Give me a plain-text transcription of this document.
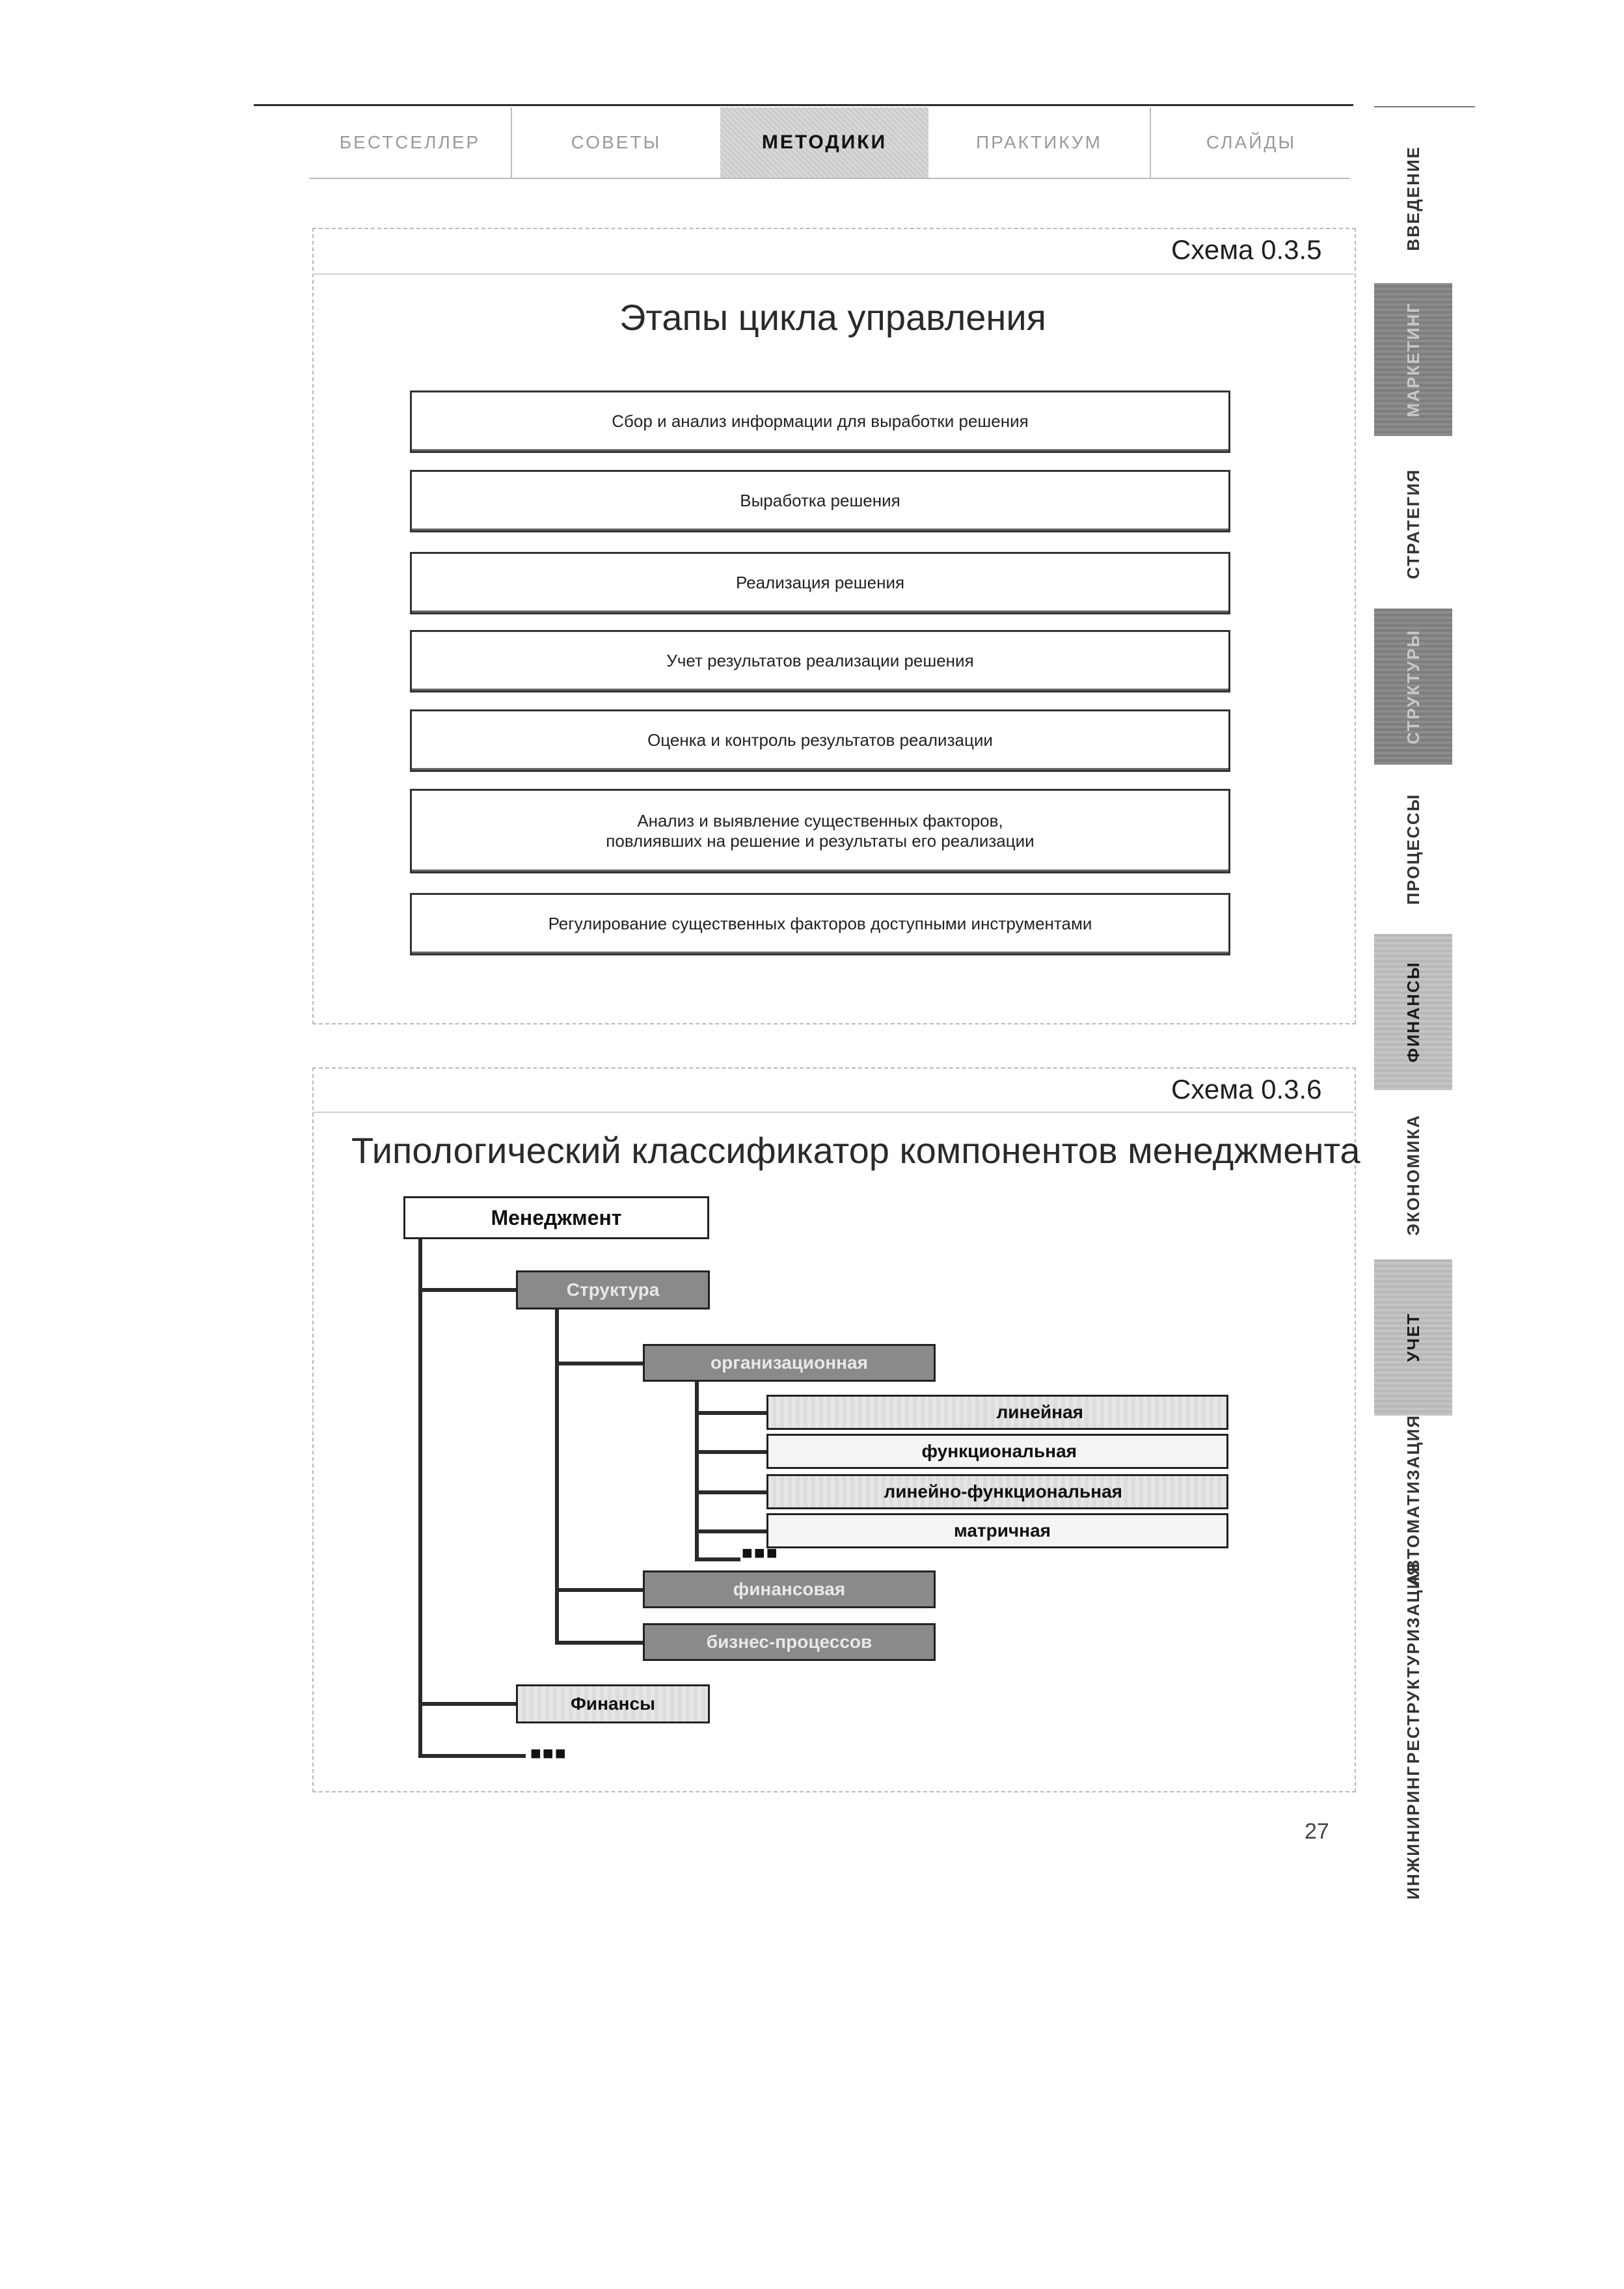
БЕСТСЕЛЛЕР	СОВЕТЫ	МЕТОДИКИ	ПРАКТИКУМ	СЛАЙДЫ
ВВЕДЕНИЕ
МАРКЕТИНГ
СТРАТЕГИЯ
СТРУКТУРЫ
ПРОЦЕССЫ
ФИНАНСЫ
ЭКОНОМИКА
УЧЕТ
АВТОМАТИЗАЦИЯ
РЕСТРУКТУРИЗАЦИЯ
ИНЖИНИРИНГ
Схема 0.3.5
Этапы цикла управления
Сбор и анализ информации для выработки решения
Выработка решения
Реализация решения
Учет результатов реализации решения
Оценка и контроль результатов реализации
Анализ и выявление существенных факторов,
повлиявших на решение и результаты его реализации
Регулирование существенных факторов доступными инструментами
Схема 0.3.6
Типологический классификатор компонентов менеджмента
Менеджмент
Структура
организационная
линейная
функциональная
линейно-функциональная
матричная
■■■
финансовая
бизнес-процессов
Финансы
■■■
27
